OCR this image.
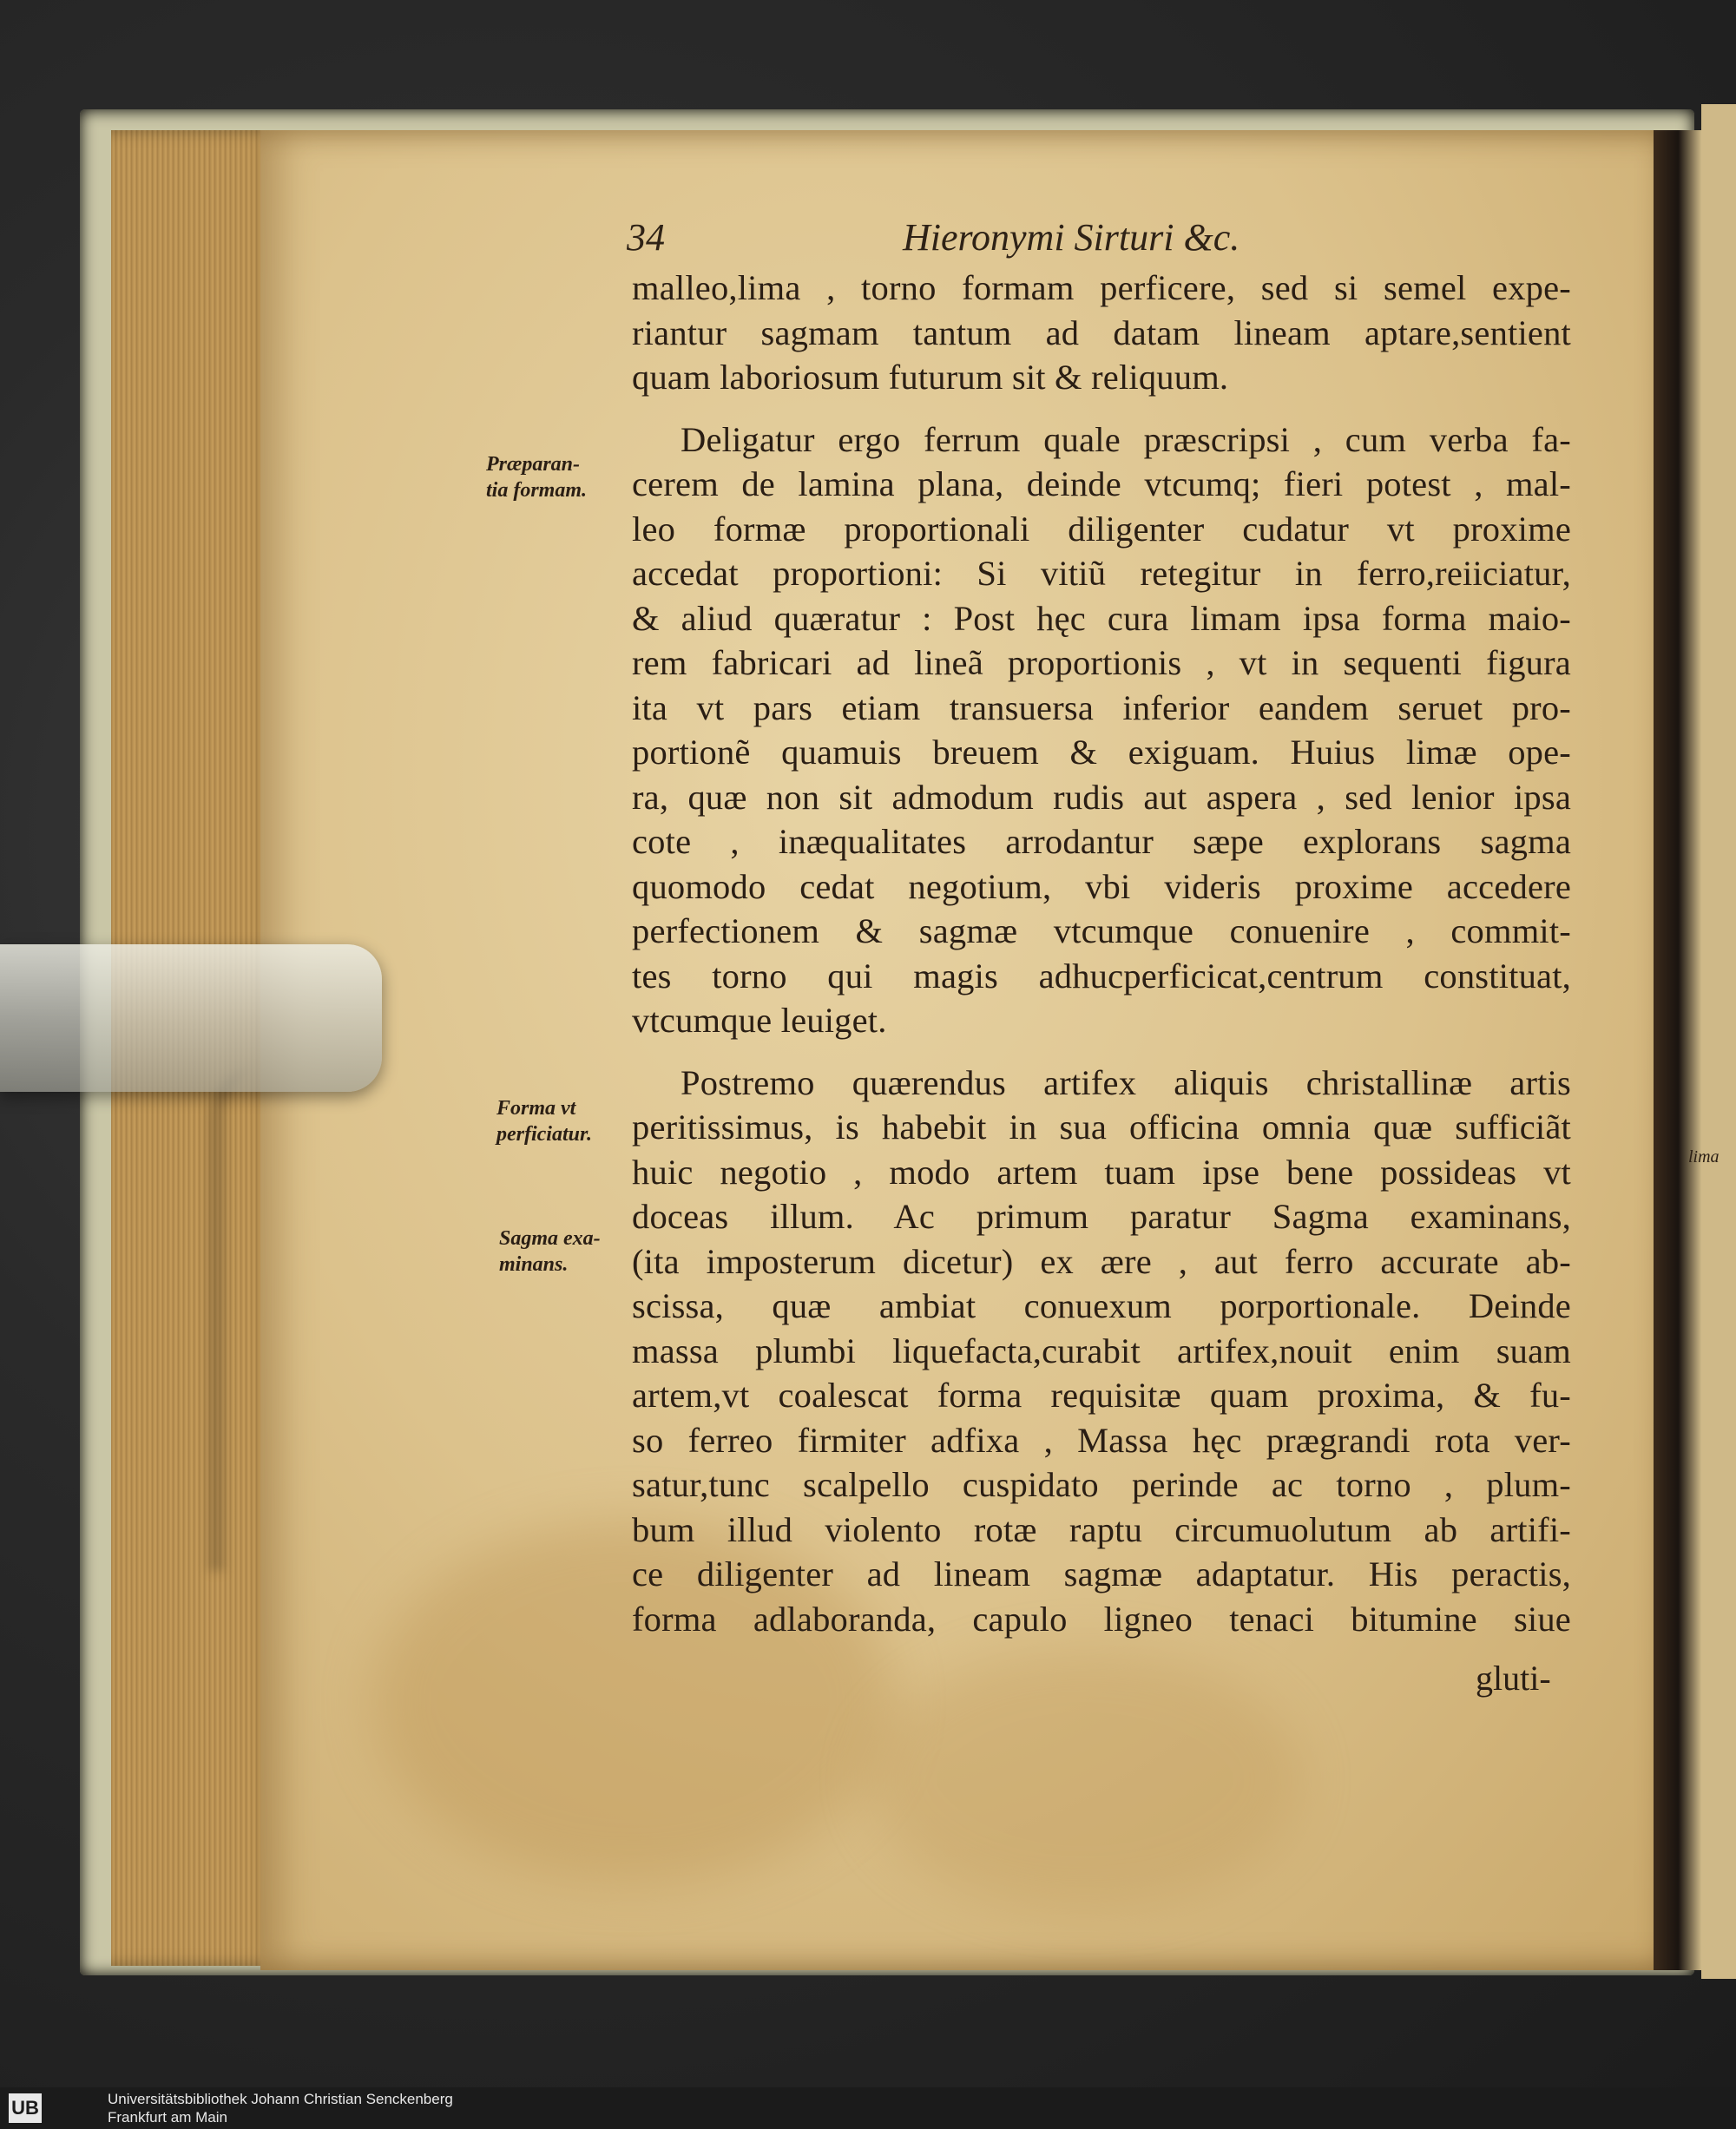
34	Hieronymi Sirturi &c.
malleo,lima , torno formam perficere, sed si semel expe-
riantur sagmam tantum ad datam lineam aptare,sentient
quam laboriosum futurum sit & reliquum.
Deligatur ergo ferrum quale præscripsi , cum verba fa-
cerem de lamina plana, deinde vtcumq; fieri potest , mal-
leo formæ proportionali diligenter cudatur vt proxime
accedat proportioni: Si vitiũ retegitur in ferro,reiiciatur,
& aliud quæratur : Post hęc cura limam ipsa forma maio-
rem fabricari ad lineã proportionis , vt in sequenti figura
ita vt pars etiam transuersa inferior eandem seruet pro-
portionẽ quamuis breuem & exiguam. Huius limæ ope-
ra, quæ non sit admodum rudis aut aspera , sed lenior ipsa
cote , inæqualitates arrodantur sæpe explorans sagma
quomodo cedat negotium, vbi videris proxime accedere
perfectionem & sagmæ vtcumque conuenire , commit-
tes torno qui magis adhucperficicat,centrum constituat,
vtcumque leuiget.
Postremo quærendus artifex aliquis christallinæ artis
peritissimus, is habebit in sua officina omnia quæ sufficiãt
huic negotio , modo artem tuam ipse bene possideas vt
doceas illum. Ac primum paratur Sagma examinans,
(ita imposterum dicetur) ex ære , aut ferro accurate ab-
scissa, quæ ambiat conuexum porportionale. Deinde
massa plumbi liquefacta,curabit artifex,nouit enim suam
artem,vt coalescat forma requisitæ quam proxima, & fu-
so ferreo firmiter adfixa , Massa hęc prægrandi rota ver-
satur,tunc scalpello cuspidato perinde ac torno , plum-
bum illud violento rotæ raptu circumuolutum ab artifi-
ce diligenter ad lineam sagmæ adaptatur. His peractis,
forma adlaboranda, capulo ligneo tenaci bitumine siue
gluti-
Præparan-
tia formam.
Forma vt
perficiatur.
Sagma exa-
minans.
lima
UB	Universitätsbibliothek Johann Christian Senckenberg
Frankfurt am Main
